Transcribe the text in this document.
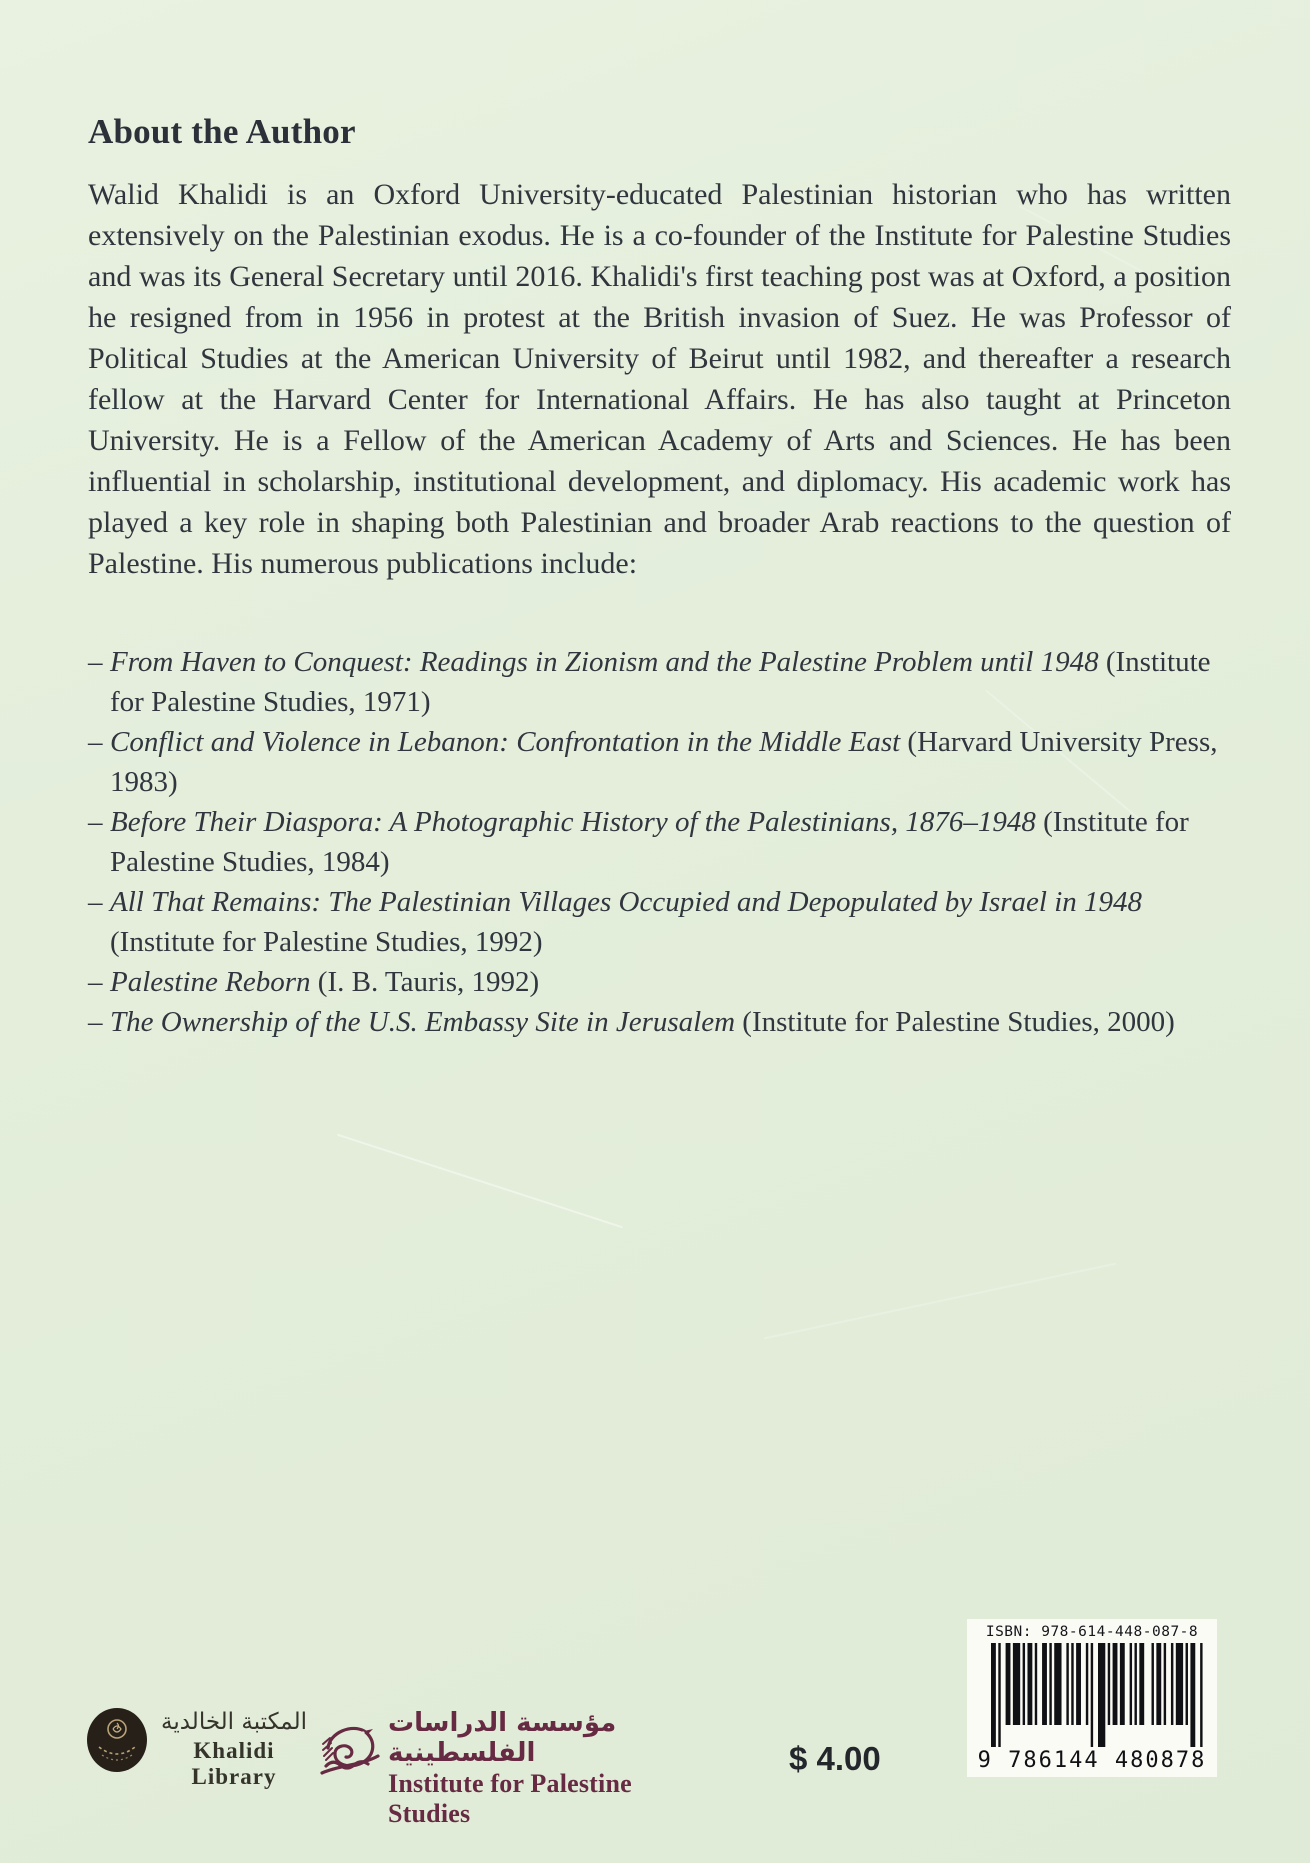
About the Author

Walid Khalidi is an Oxford University-educated Palestinian historian who has written extensively on the Palestinian exodus. He is a co-founder of the Institute for Palestine Studies and was its General Secretary until 2016. Khalidi's first teaching post was at Oxford, a position he resigned from in 1956 in protest at the British invasion of Suez. He was Professor of Political Studies at the American University of Beirut until 1982, and thereafter a research fellow at the Harvard Center for International Affairs. He has also taught at Princeton University. He is a Fellow of the American Academy of Arts and Sciences. He has been influential in scholarship, institutional development, and diplomacy. His academic work has played a key role in shaping both Palestinian and broader Arab reactions to the question of Palestine. His numerous publications include:

– From Haven to Conquest: Readings in Zionism and the Palestine Problem until 1948 (Institute for Palestine Studies, 1971)
– Conflict and Violence in Lebanon: Confrontation in the Middle East (Harvard University Press, 1983)
– Before Their Diaspora: A Photographic History of the Palestinians, 1876–1948 (Institute for Palestine Studies, 1984)
– All That Remains: The Palestinian Villages Occupied and Depopulated by Israel in 1948 (Institute for Palestine Studies, 1992)
– Palestine Reborn (I. B. Tauris, 1992)
– The Ownership of the U.S. Embassy Site in Jerusalem (Institute for Palestine Studies, 2000)
المكتبة الخالدية
Khalidi Library
مؤسسة الدراسات الفلسطينية
Institute for Palestine Studies
$ 4.00
ISBN: 978-614-448-087-8
9 786144 480878
